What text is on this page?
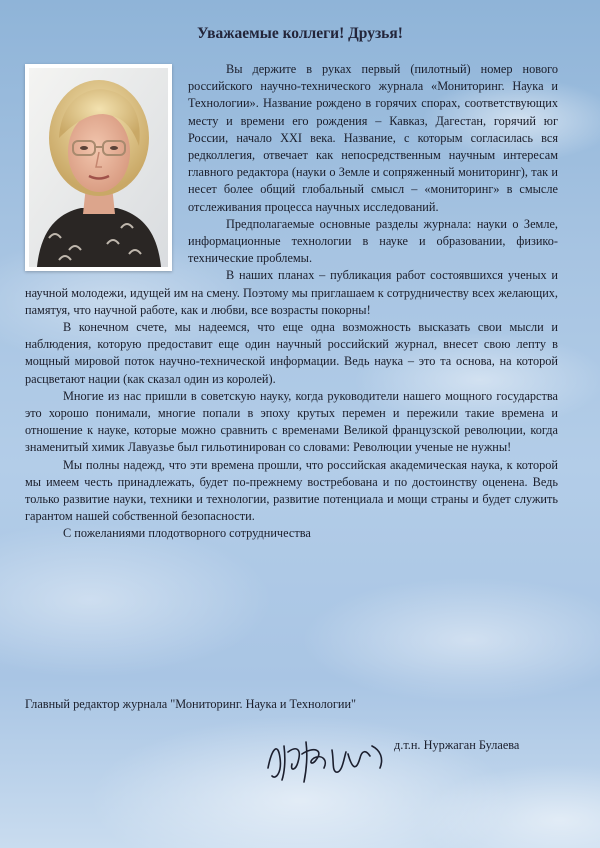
Уважаемые коллеги! Друзья!

Вы держите в руках первый (пилотный) номер нового российского научно-технического журнала «Мониторинг. Наука и Технологии». Название рождено в горячих спорах, соответствующих месту и времени его рождения – Кавказ, Дагестан, горячий юг России, начало XXI века. Название, с которым согласилась вся редколлегия, отвечает как непосредственным научным интересам главного редактора (науки о Земле и сопряженный мониторинг), так и несет более общий глобальный смысл – «мониторинг» в смысле отслеживания процесса научных исследований.

Предполагаемые основные разделы журнала: науки о Земле, информационные технологии в науке и образовании, физико-технические проблемы.

В наших планах – публикация работ состоявшихся ученых и научной молодежи, идущей им на смену. Поэтому мы приглашаем к сотрудничеству всех желающих, памятуя, что научной работе, как и любви, все возрасты покорны!

В конечном счете, мы надеемся, что еще одна возможность высказать свои мысли и наблюдения, которую предоставит еще один научный российский журнал, внесет свою лепту в мощный мировой поток научно-технической информации. Ведь наука – это та основа, на которой расцветают нации (как сказал один из королей).

Многие из нас пришли в советскую науку, когда руководители нашего мощного государства это хорошо понимали, многие попали в эпоху крутых перемен и пережили такие времена и отношение к науке, которые можно сравнить с временами Великой французской революции, когда знаменитый химик Лавуазье был гильотинирован со словами: Революции ученые не нужны!

Мы полны надежд, что эти времена прошли, что российская академическая наука, к которой мы имеем честь принадлежать, будет по-прежнему востребована и по достоинству оценена. Ведь только развитие науки, техники и технологии, развитие потенциала и мощи страны и будет служить гарантом нашей собственной безопасности.

С пожеланиями плодотворного сотрудничества

Главный редактор журнала "Мониторинг. Наука и Технологии"

д.т.н. Нуржаган Булаева
